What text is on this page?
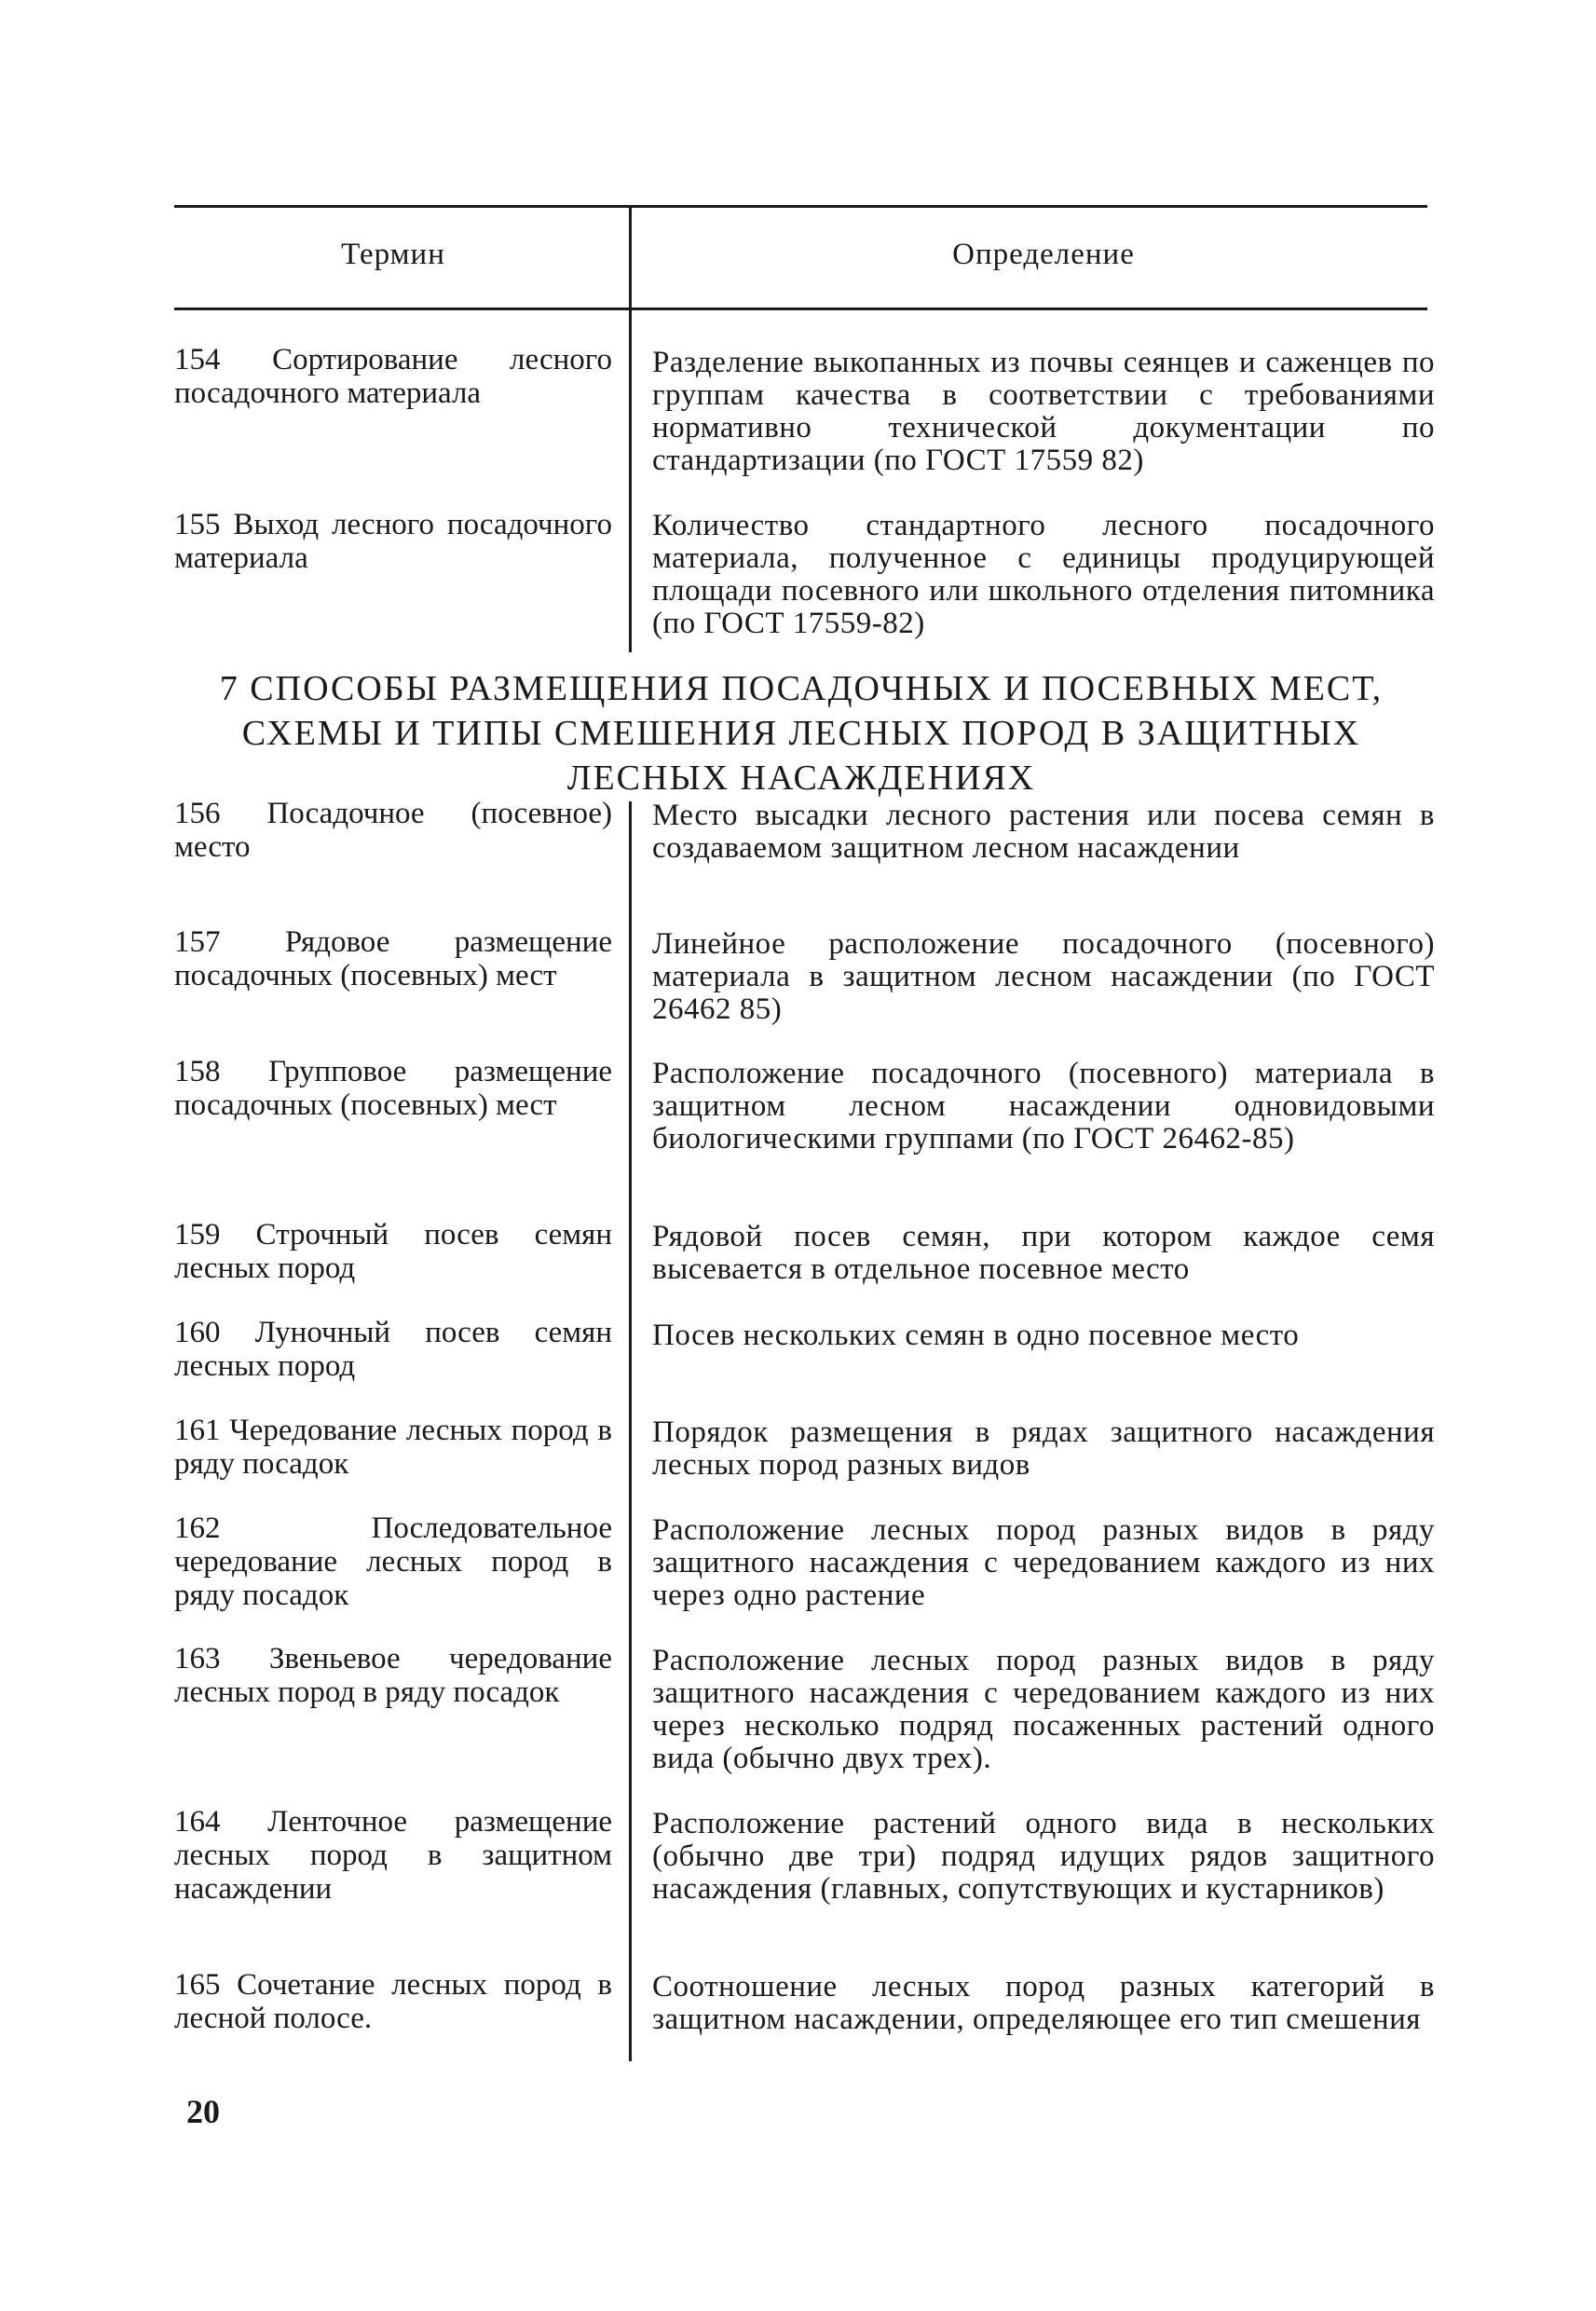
Термин	Определение
154 Сортирование лесного посадочного материала
Разделение выкопанных из почвы сеянцев и саженцев по группам качества в соответствии с требованиями нормативно технической документации по стандартизации (по ГОСТ 17559 82)
155 Выход лесного посадочного материала
Количество стандартного лесного посадочного материала, полученное с единицы продуцирующей площади посевного или школьного отделения питомника (по ГОСТ 17559-82)
7 СПОСОБЫ РАЗМЕЩЕНИЯ ПОСАДОЧНЫХ И ПОСЕВНЫХ МЕСТ, СХЕМЫ И ТИПЫ СМЕШЕНИЯ ЛЕСНЫХ ПОРОД В ЗАЩИТНЫХ ЛЕСНЫХ НАСАЖДЕНИЯХ
156 Посадочное (посевное) место
Место высадки лесного растения или посева семян в создаваемом защитном лесном насаждении
157 Рядовое размещение посадочных (посевных) мест
Линейное расположение посадочного (посевного) материала в защитном лесном насаждении (по ГОСТ 26462 85)
158 Групповое размещение посадочных (посевных) мест
Расположение посадочного (посевного) материала в защитном лесном насаждении одновидовыми биологическими группами (по ГОСТ 26462-85)
159 Строчный посев семян лесных пород
Рядовой посев семян, при котором каждое семя высевается в отдельное посевное место
160 Луночный посев семян лесных пород
Посев нескольких семян в одно посевное место
161 Чередование лесных пород в ряду посадок
Порядок размещения в рядах защитного насаждения лесных пород разных видов
162 Последовательное чередование лесных пород в ряду посадок
Расположение лесных пород разных видов в ряду защитного насаждения с чередованием каждого из них через одно растение
163 Звеньевое чередование лесных пород в ряду посадок
Расположение лесных пород разных видов в ряду защитного насаждения с чередованием каждого из них через несколько подряд посаженных растений одного вида (обычно двух трех).
164 Ленточное размещение лесных пород в защитном насаждении
Расположение растений одного вида в нескольких (обычно две три) подряд идущих рядов защитного насаждения (главных, сопутствующих и кустарников)
165 Сочетание лесных пород в лесной полосе.
Соотношение лесных пород разных категорий в защитном насаждении, определяющее его тип смешения
20
